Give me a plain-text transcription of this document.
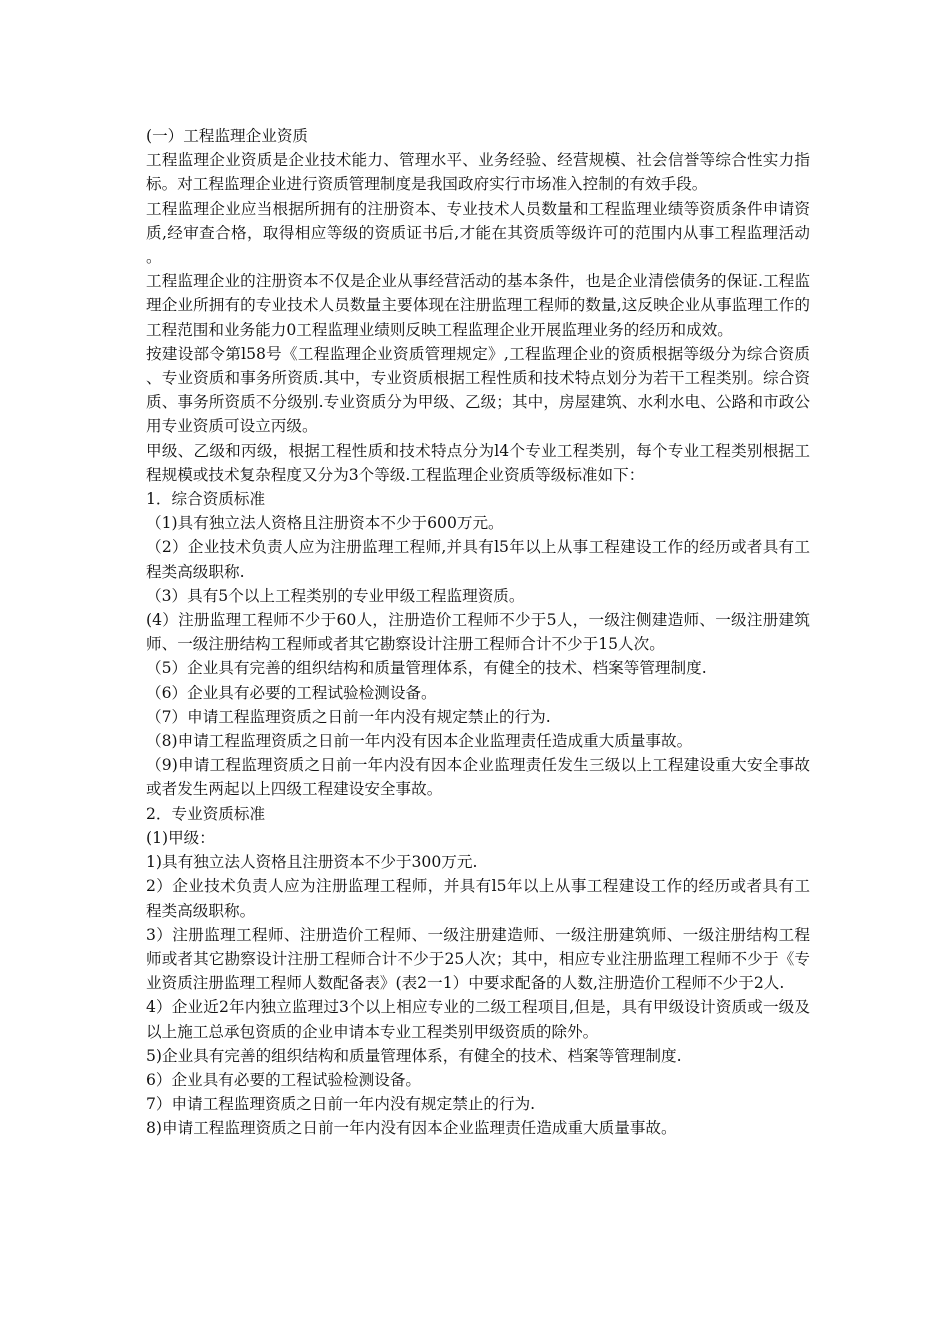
(一）工程监理企业资质

工程监理企业资质是企业技术能力、管理水平、业务经验、经营规模、社会信誉等综合性实力指标。对工程监理企业进行资质管理制度是我国政府实行市场准入控制的有效手段。

工程监理企业应当根据所拥有的注册资本、专业技术人员数量和工程监理业绩等资质条件申请资质,经审查合格，取得相应等级的资质证书后,才能在其资质等级许可的范围内从事工程监理活动。

工程监理企业的注册资本不仅是企业从事经营活动的基本条件，也是企业清偿债务的保证.工程监理企业所拥有的专业技术人员数量主要体现在注册监理工程师的数量,这反映企业从事监理工作的工程范围和业务能力0工程监理业绩则反映工程监理企业开展监理业务的经历和成效。

按建设部令第l58号《工程监理企业资质管理规定》,工程监理企业的资质根据等级分为综合资质、专业资质和事务所资质.其中，专业资质根据工程性质和技术特点划分为若干工程类别。综合资质、事务所资质不分级别.专业资质分为甲级、乙级；其中，房屋建筑、水利水电、公路和市政公用专业资质可设立丙级。

甲级、乙级和丙级，根据工程性质和技术特点分为l4个专业工程类别，每个专业工程类别根据工程规模或技术复杂程度又分为3个等级.工程监理企业资质等级标准如下：

1．综合资质标准

（1)具有独立法人资格且注册资本不少于600万元。

（2）企业技术负责人应为注册监理工程师,并具有l5年以上从事工程建设工作的经历或者具有工程类高级职称.

（3）具有5个以上工程类别的专业甲级工程监理资质。

(4）注册监理工程师不少于60人，注册造价工程师不少于5人，一级注侧建造师、一级注册建筑师、一级注册结构工程师或者其它勘察设计注册工程师合计不少于15人次。

（5）企业具有完善的组织结构和质量管理体系，有健全的技术、档案等管理制度.

（6）企业具有必要的工程试验检测设备。

（7）申请工程监理资质之日前一年内没有规定禁止的行为.

（8)申请工程监理资质之日前一年内没有因本企业监理责任造成重大质量事故。

（9)申请工程监理资质之日前一年内没有因本企业监理责任发生三级以上工程建设重大安全事故或者发生两起以上四级工程建设安全事故。

2．专业资质标准

(1)甲级：

1)具有独立法人资格且注册资本不少于300万元.

2）企业技术负责人应为注册监理工程师，并具有l5年以上从事工程建设工作的经历或者具有工程类高级职称。

3）注册监理工程师、注册造价工程师、一级注册建造师、一级注册建筑师、一级注册结构工程师或者其它勘察设计注册工程师合计不少于25人次；其中，相应专业注册监理工程师不少于《专业资质注册监理工程师人数配备表》(表2一1）中要求配备的人数,注册造价工程师不少于2人.

4）企业近2年内独立监理过3个以上相应专业的二级工程项目,但是，具有甲级设计资质或一级及以上施工总承包资质的企业申请本专业工程类别甲级资质的除外。

5)企业具有完善的组织结构和质量管理体系，有健全的技术、档案等管理制度.

6）企业具有必要的工程试验检测设备。

7）申请工程监理资质之日前一年内没有规定禁止的行为.

8)申请工程监理资质之日前一年内没有因本企业监理责任造成重大质量事故。
